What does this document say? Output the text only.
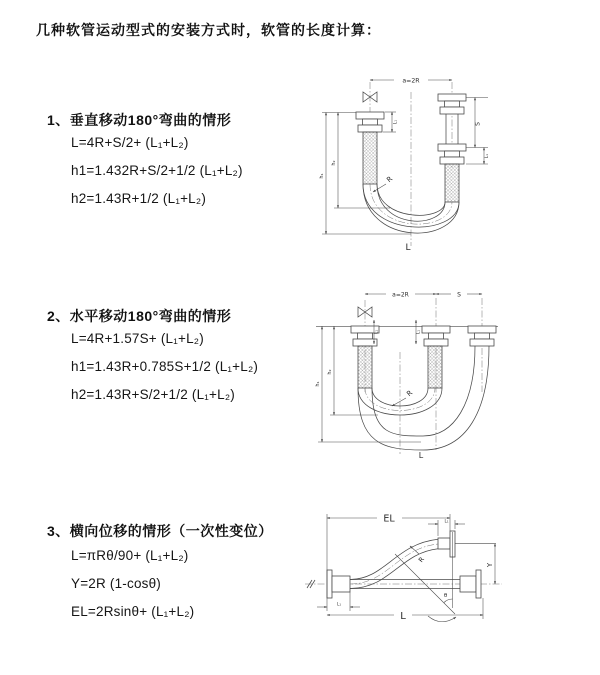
几种软管运动型式的安装方式时，软管的长度计算：
1、垂直移动180°弯曲的情形
L=4R+S/2+ (L₁+L₂)
h1=1.432R+S/2+1/2 (L₁+L₂)
h2=1.43R+1/2 (L₁+L₂)
a=2R
L₁	S
L₁
R
h₁
h₂
L
2、水平移动180°弯曲的情形
L=4R+1.57S+ (L₁+L₂)
h1=1.43R+0.785S+1/2 (L₁+L₂)
h2=1.43R+S/2+1/2 (L₁+L₂)
a=2R	S
L₁	L₁
R
h₁
h₂
L
3、横向位移的情形（一次性变位）
L=πRθ/90+ (L₁+L₂)
Y=2R (1-cosθ)
EL=2Rsinθ+ (L₁+L₂)
EL	L₁
R
θ
Y
L₁
L
